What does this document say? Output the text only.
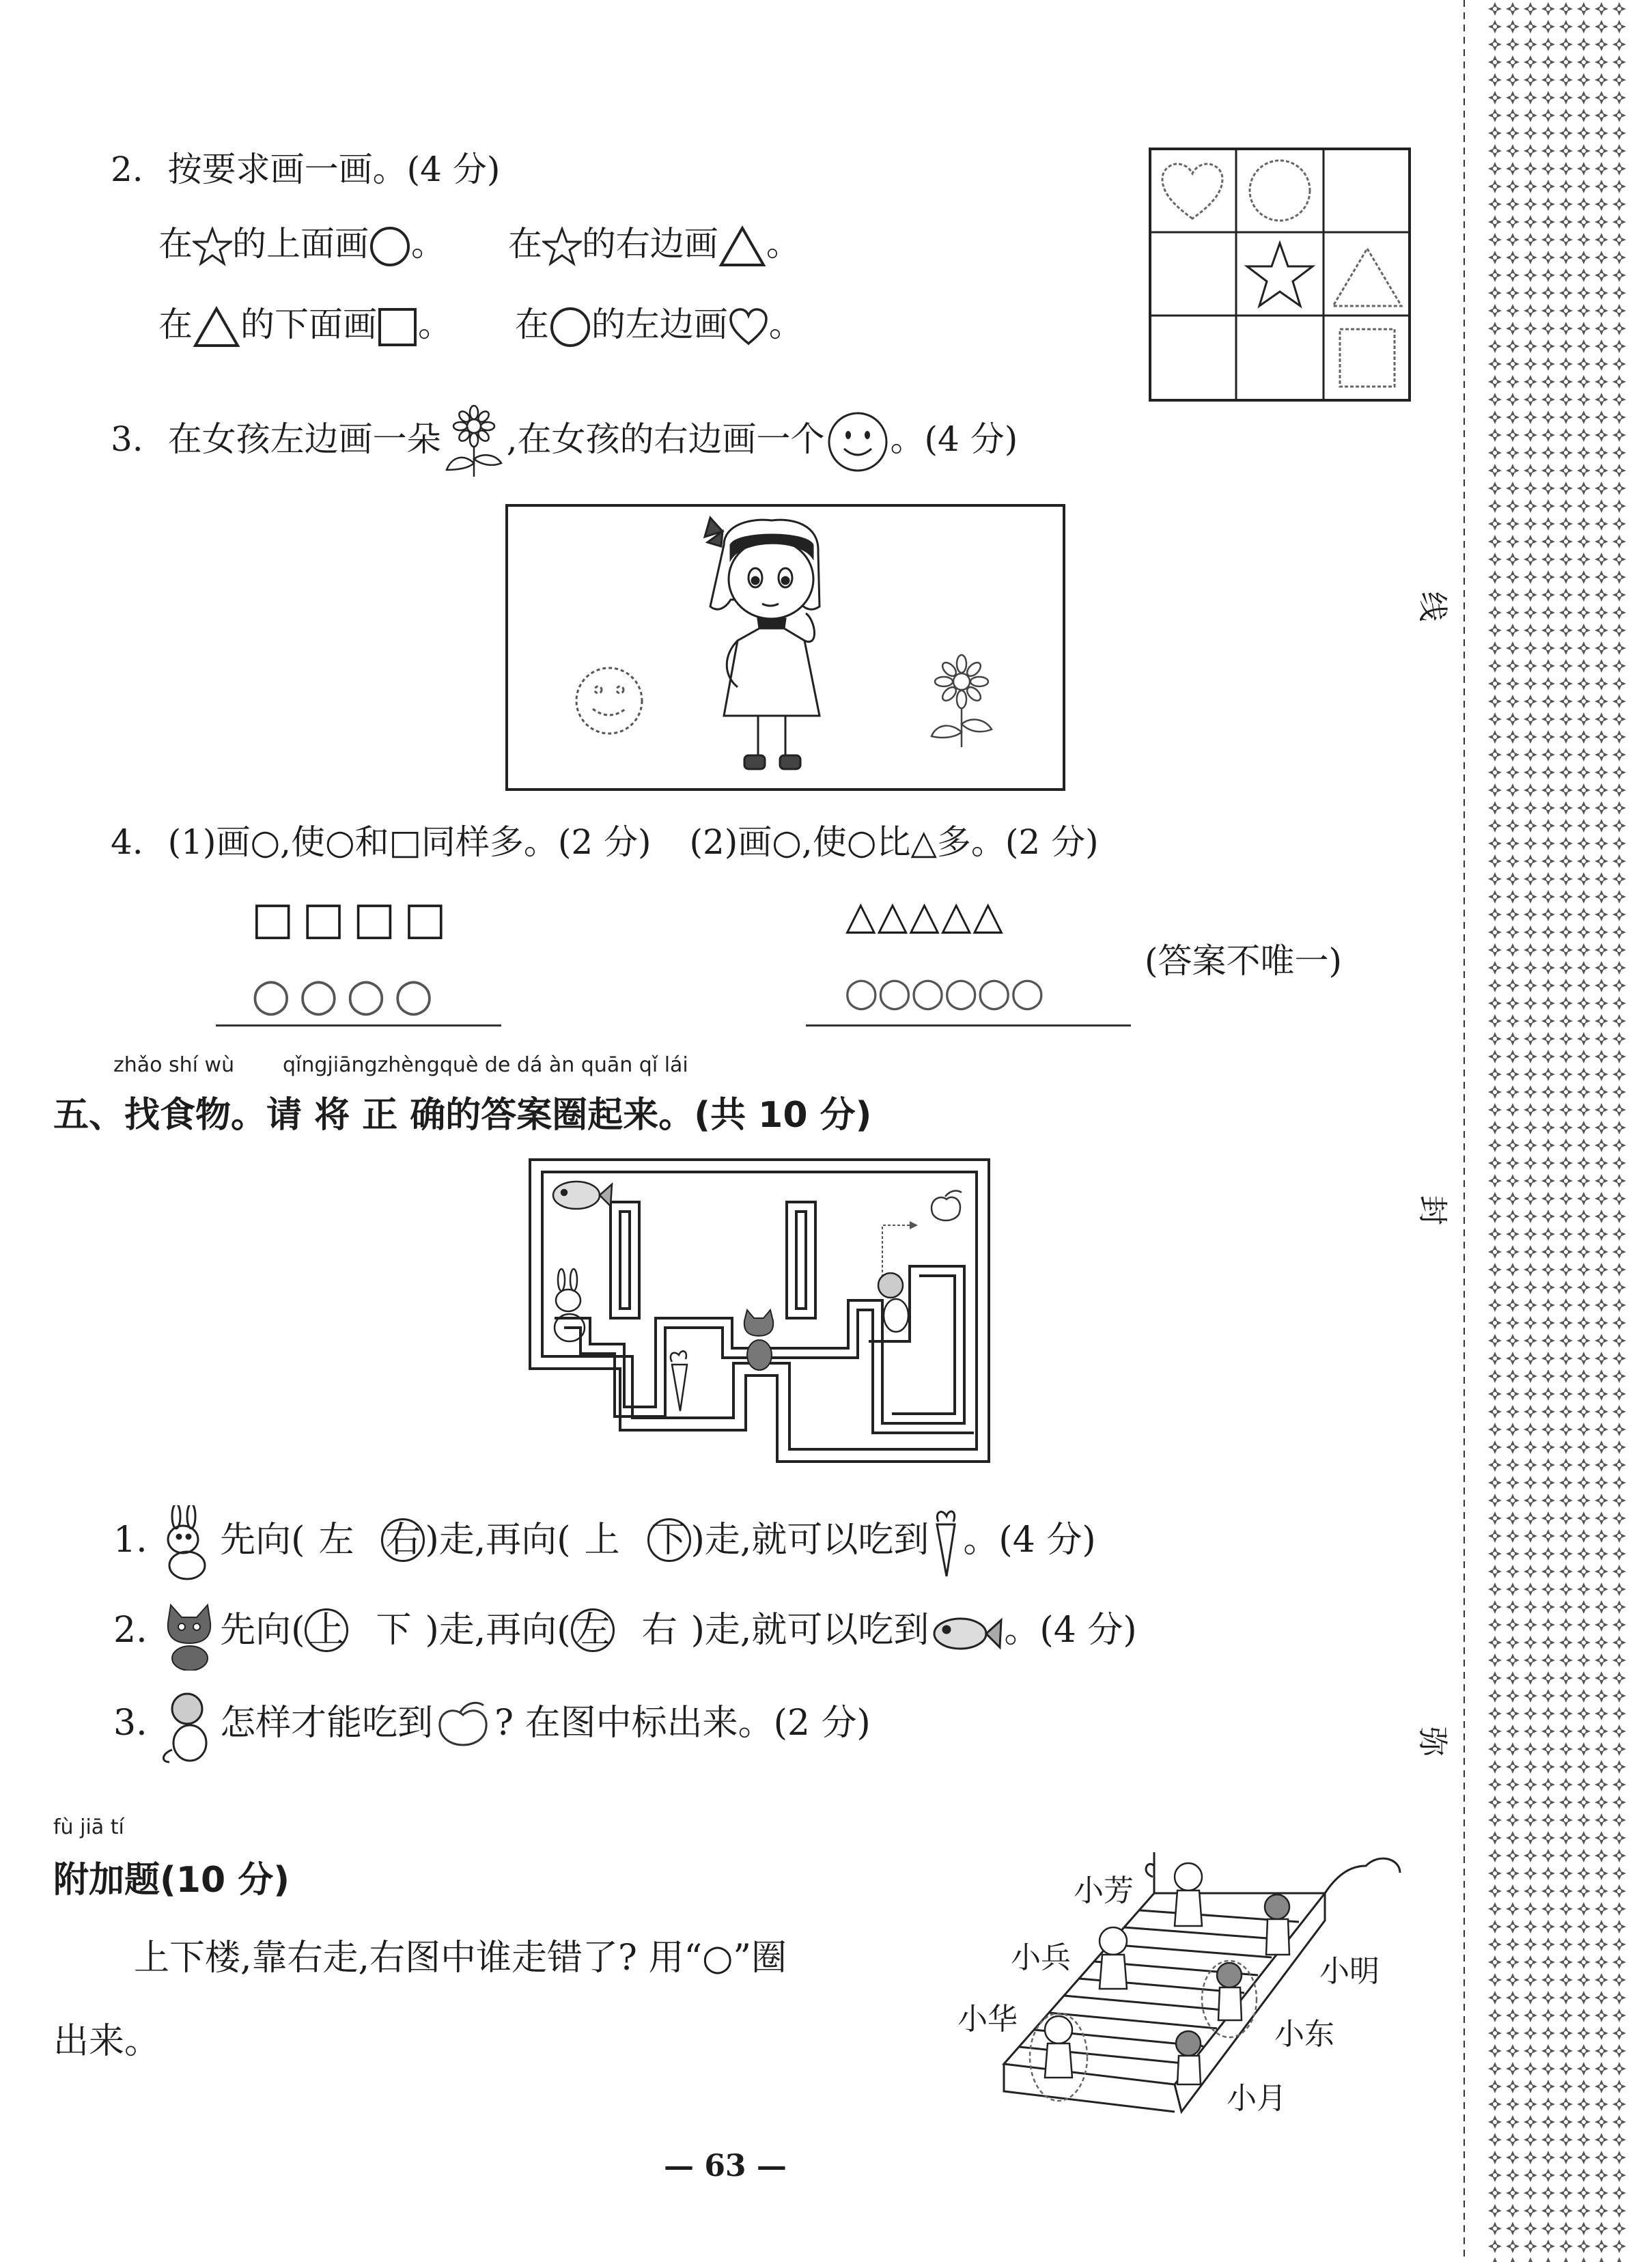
2. 按要求画一画。(4 分)
在 的上面画 。 在 的右边画 。
在 的下面画 。 在 的左边画 。
3. 在女孩左边画一朵 ,在女孩的右边画一个 。(4 分)
4. (1)画○,使○和□同样多。(2 分) (2)画○,使○比△多。(2 分)
□□□□
○○○○
△△△△△
○○○○○○
(答案不唯一)
zhǎo shí wù qǐngjiāngzhèngquè de dá àn quān qǐ lái
五、找食物。请 将 正 确的答案圈起来。(共 10 分)
1. 先向( 左 右 )走,再向( 上 下 )走,就可以吃到 。(4 分)
2. 先向( 上 下 )走,再向( 左 右 )走,就可以吃到 。(4 分)
3. 怎样才能吃到 ? 在图中标出来。(2 分)
fù jiā tí
附加题(10 分)
上下楼,靠右走,右图中谁走错了? 用“○”圈
出来。
小芳
小兵	小明
小华	小东
小月
— 63 —
线
封
弥
